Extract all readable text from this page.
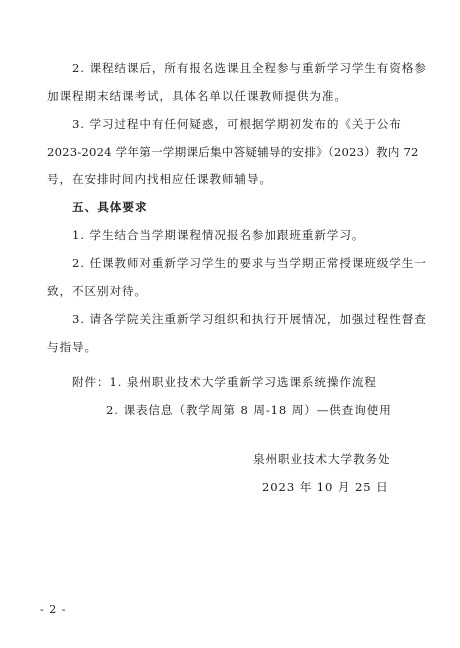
2. 课程结课后，所有报名选课且全程参与重新学习学生有资格参
加课程期末结课考试，具体名单以任课教师提供为准。
3. 学习过程中有任何疑惑，可根据学期初发布的《关于公布
2023-2024 学年第一学期课后集中答疑辅导的安排》（2023）教内 72
号，在安排时间内找相应任课教师辅导。
五、具体要求
1. 学生结合当学期课程情况报名参加跟班重新学习。
2. 任课教师对重新学习学生的要求与当学期正常授课班级学生一
致，不区别对待。
3. 请各学院关注重新学习组织和执行开展情况，加强过程性督查
与指导。
附件：1. 泉州职业技术大学重新学习选课系统操作流程
2. 课表信息（教学周第 8 周-18 周）—供查询使用
泉州职业技术大学教务处
2023 年 10 月 25 日
- 2 -
